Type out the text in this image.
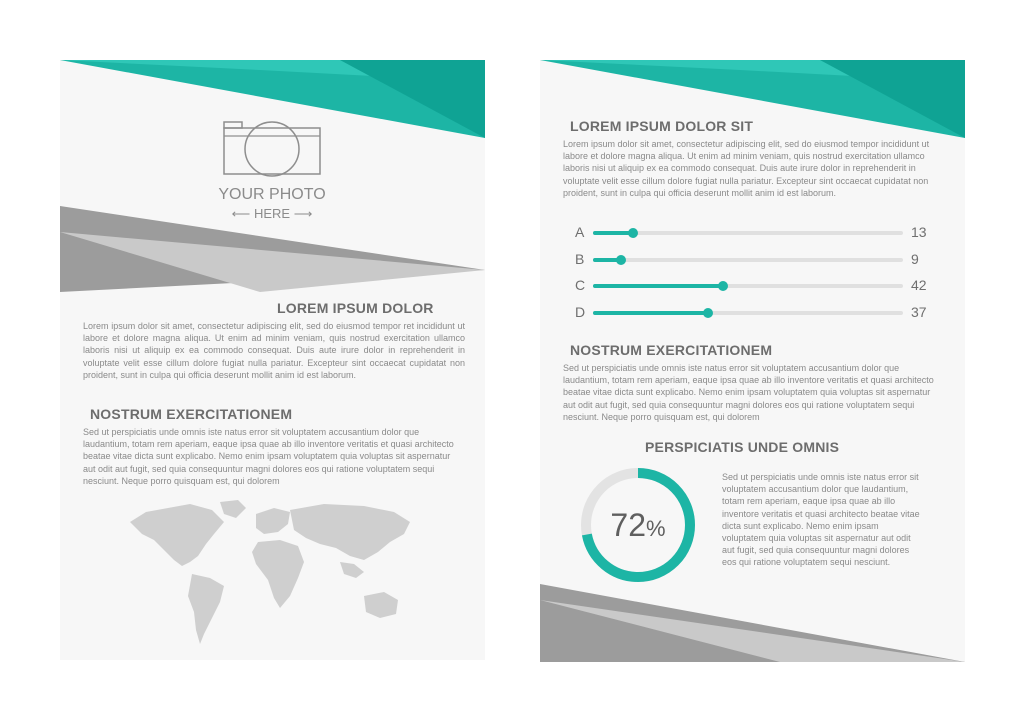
YOUR PHOTO
⟵ HERE ⟶
LOREM IPSUM DOLOR
Lorem ipsum dolor sit amet, consectetur adipiscing elit, sed do eiusmod tempor ret incididunt ut labore et dolore magna aliqua. Ut enim ad minim veniam, quis nostrud exercitation ullamco laboris nisi ut aliquip ex ea commodo consequat. Duis aute irure dolor in reprehenderit in voluptate velit esse cillum dolore fugiat nulla pariatur. Excepteur sint occaecat cupidatat non proident, sunt in culpa qui officia deserunt mollit anim id est laborum.
NOSTRUM EXERCITATIONEM
Sed ut perspiciatis unde omnis iste natus error sit voluptatem accusantium dolor que laudantium, totam rem aperiam, eaque ipsa quae ab illo inventore veritatis et quasi architecto beatae vitae dicta sunt explicabo. Nemo enim ipsam voluptatem quia voluptas sit aspernatur aut odit aut fugit, sed quia consequuntur magni dolores eos qui ratione voluptatem sequi nesciunt. Neque porro quisquam est, qui dolorem
LOREM IPSUM DOLOR SIT
Lorem ipsum dolor sit amet, consectetur adipiscing elit, sed do eiusmod tempor incididunt ut labore et dolore magna aliqua. Ut enim ad minim veniam, quis nostrud exercitation ullamco laboris nisi ut aliquip ex ea commodo consequat. Duis aute irure dolor in reprehenderit in voluptate velit esse cillum dolore fugiat nulla pariatur. Excepteur sint occaecat cupidatat non proident, sunt in culpa qui officia deserunt mollit anim id est laborum.
A	13
B	9
C	42
D	37
NOSTRUM EXERCITATIONEM
Sed ut perspiciatis unde omnis iste natus error sit voluptatem accusantium dolor que laudantium, totam rem aperiam, eaque ipsa quae ab illo inventore veritatis et quasi architecto beatae vitae dicta sunt explicabo. Nemo enim ipsam voluptatem quia voluptas sit aspernatur aut odit aut fugit, sed quia consequuntur magni dolores eos qui ratione voluptatem sequi nesciunt. Neque porro quisquam est, qui dolorem
PERSPICIATIS UNDE OMNIS
72%
Sed ut perspiciatis unde omnis iste natus error sit voluptatem accusantium dolor que laudantium, totam rem aperiam, eaque ipsa quae ab illo inventore veritatis et quasi architecto beatae vitae dicta sunt explicabo. Nemo enim ipsam voluptatem quia voluptas sit aspernatur aut odit aut fugit, sed quia consequuntur magni dolores eos qui ratione voluptatem sequi nesciunt.
